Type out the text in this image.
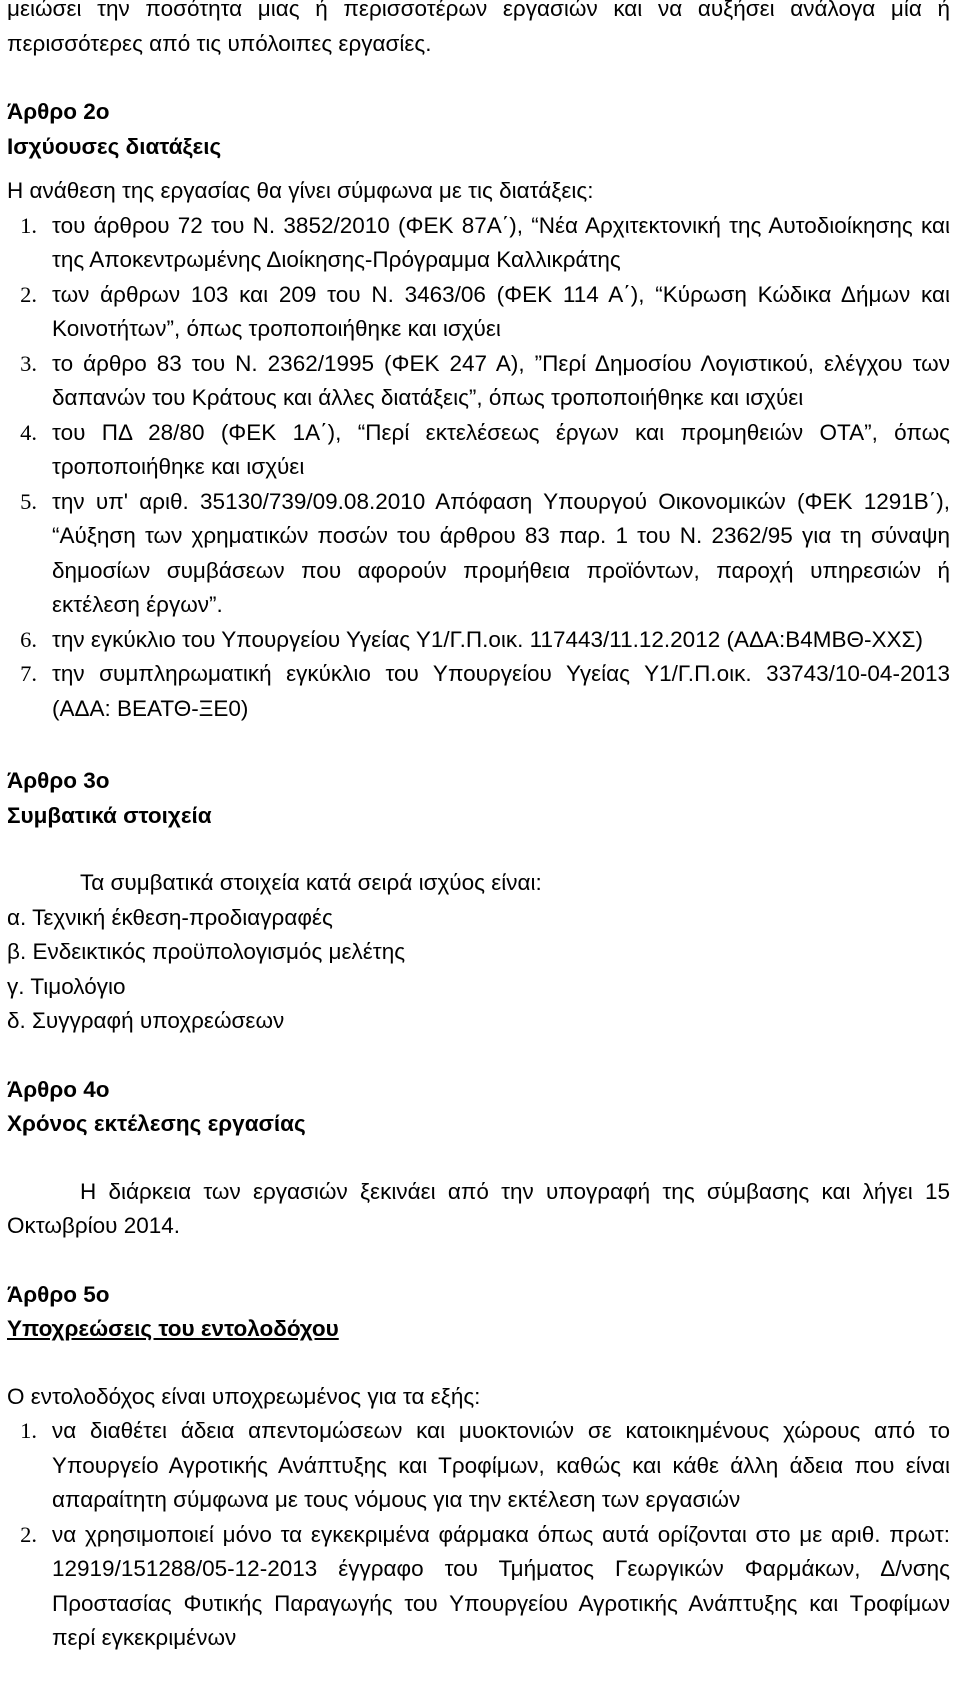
μειώσει την ποσότητα μιας ή περισσοτέρων εργασιών και να αυξήσει ανάλογα μία ή περισσότερες από τις υπόλοιπες εργασίες.

Άρθρο 2ο

Ισχύουσες διατάξεις

Η ανάθεση της εργασίας θα γίνει σύμφωνα με τις διατάξεις:

1. του άρθρου 72 του Ν. 3852/2010 (ΦΕΚ 87Α΄), “Νέα Αρχιτεκτονική της Αυτοδιοίκησης και της Αποκεντρωμένης Διοίκησης-Πρόγραμμα Καλλικράτης
2. των άρθρων 103 και 209 του Ν. 3463/06 (ΦΕΚ 114 Α΄), “Κύρωση Κώδικα Δήμων και Κοινοτήτων”, όπως τροποποιήθηκε και ισχύει
3. το άρθρο 83 του Ν. 2362/1995 (ΦΕΚ 247 Α), ”Περί Δημοσίου Λογιστικού, ελέγχου των δαπανών του Κράτους και άλλες διατάξεις”, όπως τροποποιήθηκε και ισχύει
4. του ΠΔ 28/80 (ΦΕΚ 1Α΄), “Περί εκτελέσεως έργων και προμηθειών ΟΤΑ”, όπως τροποποιήθηκε και ισχύει
5. την υπ' αριθ. 35130/739/09.08.2010 Απόφαση Υπουργού Οικονομικών (ΦΕΚ 1291Β΄), “Αύξηση των χρηματικών ποσών του άρθρου 83 παρ. 1 του Ν. 2362/95 για τη σύναψη δημοσίων συμβάσεων που αφορούν προμήθεια προϊόντων, παροχή υπηρεσιών ή εκτέλεση έργων”.
6. την εγκύκλιο του Υπουργείου Υγείας Υ1/Γ.Π.οικ. 117443/11.12.2012 (ΑΔΑ:Β4ΜΒΘ-ΧΧΣ)
7. την συμπληρωματική εγκύκλιο του Υπουργείου Υγείας Υ1/Γ.Π.οικ. 33743/10-04-2013 (ΑΔΑ: ΒΕΑΤΘ-ΞΕ0)

Άρθρο 3ο

Συμβατικά στοιχεία

Τα συμβατικά στοιχεία κατά σειρά ισχύος είναι:

α. Τεχνική έκθεση-προδιαγραφές

β. Ενδεικτικός προϋπολογισμός μελέτης

γ. Τιμολόγιο

δ. Συγγραφή υποχρεώσεων

Άρθρο 4ο

Χρόνος εκτέλεσης εργασίας

Η διάρκεια των εργασιών ξεκινάει από την υπογραφή της σύμβασης και λήγει 15 Οκτωβρίου 2014.

Άρθρο 5ο

Υποχρεώσεις του εντολοδόχου

Ο εντολοδόχος είναι υποχρεωμένος για τα εξής:

1. να διαθέτει άδεια απεντομώσεων και μυοκτονιών σε κατοικημένους χώρους από το Υπουργείο Αγροτικής Ανάπτυξης και Τροφίμων, καθώς και κάθε άλλη άδεια που είναι απαραίτητη σύμφωνα με τους νόμους για την εκτέλεση των εργασιών
2. να χρησιμοποιεί μόνο τα εγκεκριμένα φάρμακα όπως αυτά ορίζονται στο με αριθ. πρωτ: 12919/151288/05-12-2013 έγγραφο του Τμήματος Γεωργικών Φαρμάκων, Δ/νσης Προστασίας Φυτικής Παραγωγής του Υπουργείου Αγροτικής Ανάπτυξης και Τροφίμων περί εγκεκριμένων
